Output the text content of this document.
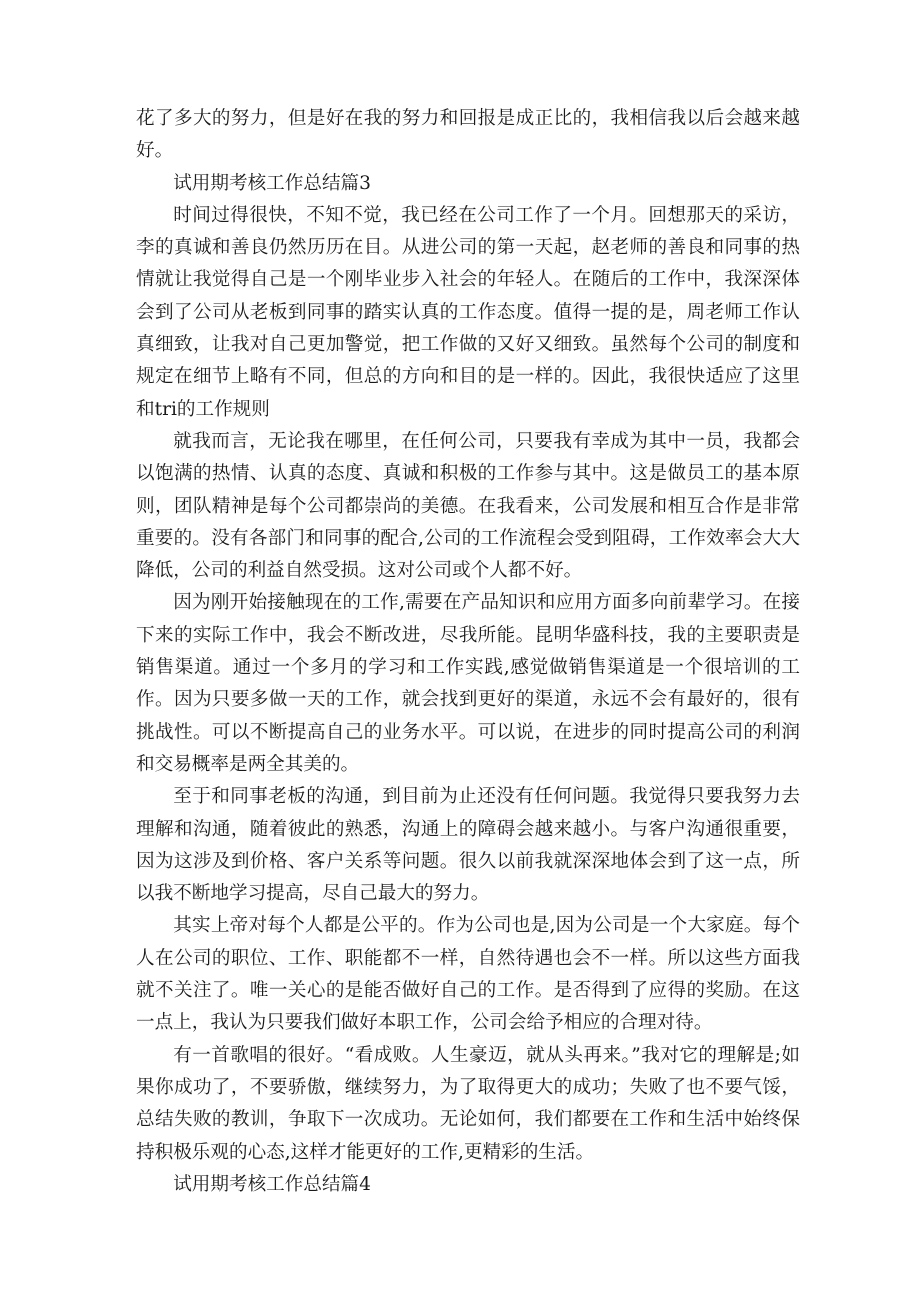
花了多大的努力，但是好在我的努力和回报是成正比的，我相信我以后会越来越好。

试用期考核工作总结篇3

时间过得很快，不知不觉，我已经在公司工作了一个月。回想那天的采访，李的真诚和善良仍然历历在目。从进公司的第一天起，赵老师的善良和同事的热情就让我觉得自己是一个刚毕业步入社会的年轻人。在随后的工作中，我深深体会到了公司从老板到同事的踏实认真的工作态度。值得一提的是，周老师工作认真细致，让我对自己更加警觉，把工作做的又好又细致。虽然每个公司的制度和规定在细节上略有不同，但总的方向和目的是一样的。因此，我很快适应了这里和tri的工作规则

就我而言，无论我在哪里，在任何公司，只要我有幸成为其中一员，我都会以饱满的热情、认真的态度、真诚和积极的工作参与其中。这是做员工的基本原则，团队精神是每个公司都崇尚的美德。在我看来，公司发展和相互合作是非常重要的。没有各部门和同事的配合,公司的工作流程会受到阻碍，工作效率会大大降低，公司的利益自然受损。这对公司或个人都不好。

因为刚开始接触现在的工作,需要在产品知识和应用方面多向前辈学习。在接下来的实际工作中，我会不断改进，尽我所能。昆明华盛科技，我的主要职责是销售渠道。通过一个多月的学习和工作实践,感觉做销售渠道是一个很培训的工作。因为只要多做一天的工作，就会找到更好的渠道，永远不会有最好的，很有挑战性。可以不断提高自己的业务水平。可以说，在进步的同时提高公司的利润和交易概率是两全其美的。

至于和同事老板的沟通，到目前为止还没有任何问题。我觉得只要我努力去理解和沟通，随着彼此的熟悉，沟通上的障碍会越来越小。与客户沟通很重要，因为这涉及到价格、客户关系等问题。很久以前我就深深地体会到了这一点，所以我不断地学习提高，尽自己最大的努力。

其实上帝对每个人都是公平的。作为公司也是,因为公司是一个大家庭。每个人在公司的职位、工作、职能都不一样，自然待遇也会不一样。所以这些方面我就不关注了。唯一关心的是能否做好自己的工作。是否得到了应得的奖励。在这一点上，我认为只要我们做好本职工作，公司会给予相应的合理对待。

有一首歌唱的很好。“看成败。人生豪迈，就从头再来。”我对它的理解是;如果你成功了，不要骄傲，继续努力，为了取得更大的成功；失败了也不要气馁，总结失败的教训，争取下一次成功。无论如何，我们都要在工作和生活中始终保持积极乐观的心态,这样才能更好的工作,更精彩的生活。

试用期考核工作总结篇4
